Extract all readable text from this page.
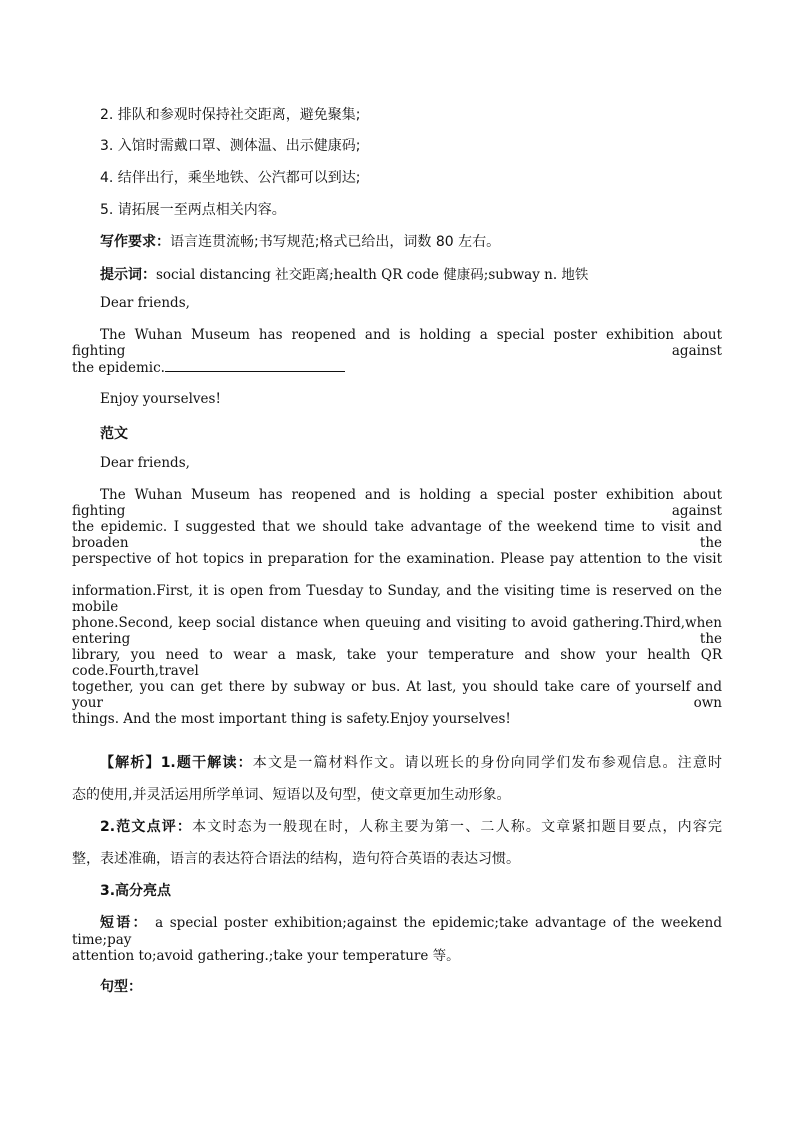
2. 排队和参观时保持社交距离，避免聚集;
3. 入馆时需戴口罩、测体温、出示健康码;
4. 结伴出行，乘坐地铁、公汽都可以到达;
5. 请拓展一至两点相关内容。
写作要求：语言连贯流畅;书写规范;格式已给出，词数 80 左右。
提示词：social distancing 社交距离;health QR code 健康码;subway n. 地铁
Dear friends,
The Wuhan Museum has reopened and is holding a special poster exhibition about fighting against
the epidemic.
Enjoy yourselves!
范文
Dear friends,
The Wuhan Museum has reopened and is holding a special poster exhibition about fighting against
the epidemic. I suggested that we should take advantage of the weekend time to visit and broaden the
perspective of hot topics in preparation for the examination. Please pay attention to the visit
information.First, it is open from Tuesday to Sunday, and the visiting time is reserved on the mobile
phone.Second, keep social distance when queuing and visiting to avoid gathering.Third,when entering the
library, you need to wear a mask, take your temperature and show your health QR code.Fourth,travel
together, you can get there by subway or bus. At last, you should take care of yourself and your own
things. And the most important thing is safety.Enjoy yourselves!
【解析】1.题干解读：本文是一篇材料作文。请以班长的身份向同学们发布参观信息。注意时
态的使用,并灵活运用所学单词、短语以及句型，使文章更加生动形象。
2.范文点评：本文时态为一般现在时，人称主要为第一、二人称。文章紧扣题目要点，内容完
整，表述准确，语言的表达符合语法的结构，造句符合英语的表达习惯。
3.高分亮点
短语： a special poster exhibition;against the epidemic;take advantage of the weekend time;pay
attention to;avoid gathering.;take your temperature 等。
句型：
